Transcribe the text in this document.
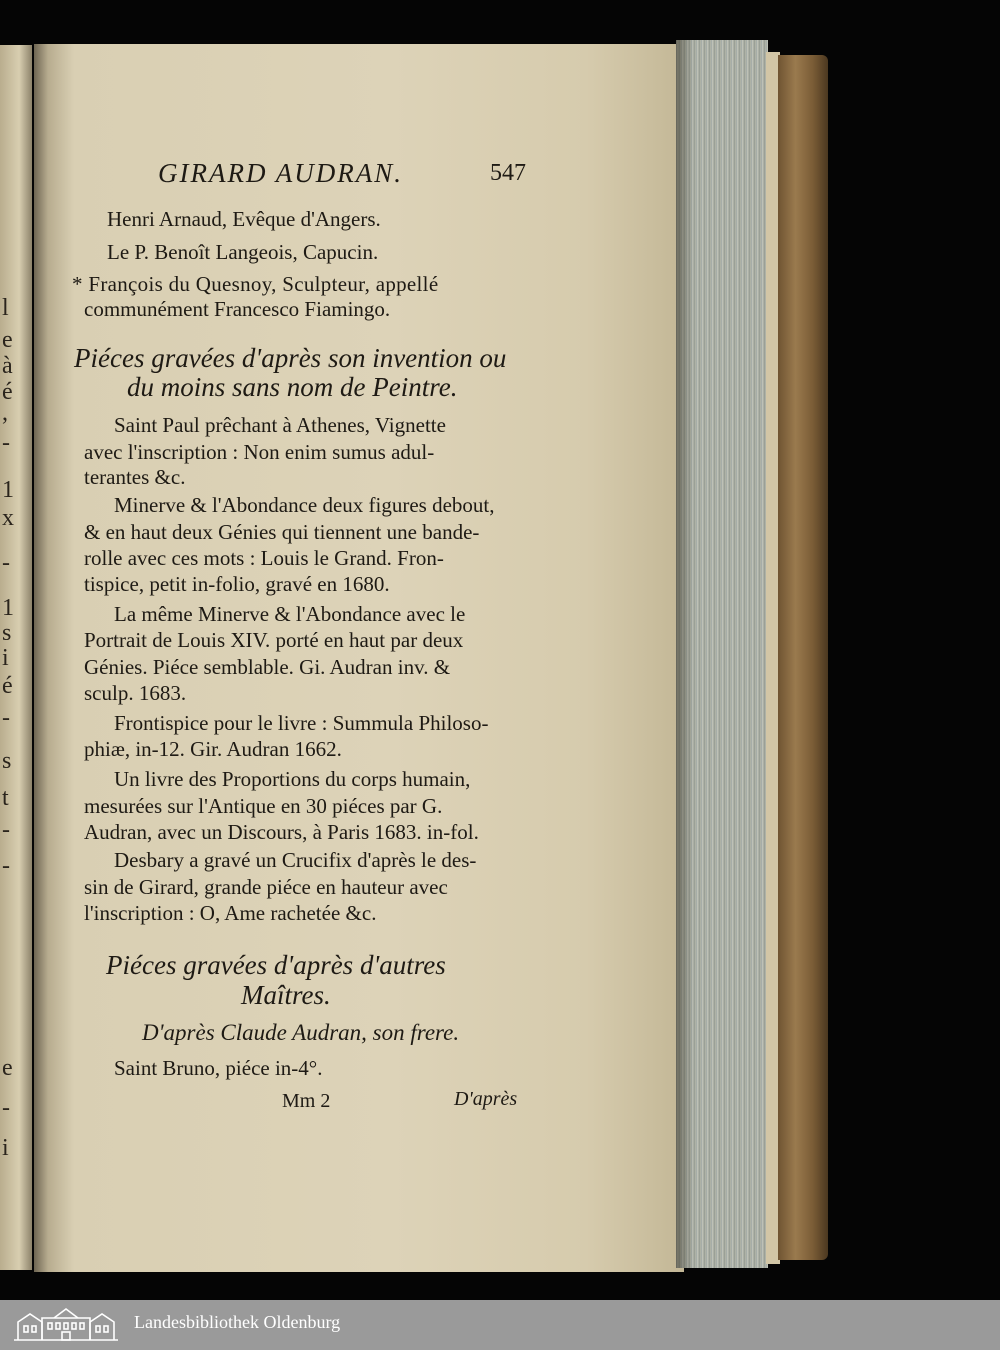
l
e
à
é
,
-
1
x
-
1
s
i
é
-
s
t
-
-
e
-
i
GIRARD AUDRAN.	547
Henri Arnaud, Evêque d'Angers.
Le P. Benoît Langeois, Capucin.
* François du Quesnoy, Sculpteur, appellé
communément Francesco Fiamingo.
Piéces gravées d'après son invention ou
du moins sans nom de Peintre.
Saint Paul prêchant à Athenes, Vignette
avec l'inscription : Non enim sumus adul-
terantes &c.
Minerve & l'Abondance deux figures debout,
& en haut deux Génies qui tiennent une bande-
rolle avec ces mots : Louis le Grand. Fron-
tispice, petit in-folio, gravé en 1680.
La même Minerve & l'Abondance avec le
Portrait de Louis XIV. porté en haut par deux
Génies. Piéce semblable. Gi. Audran inv. &
sculp. 1683.
Frontispice pour le livre : Summula Philoso-
phiæ, in-12. Gir. Audran 1662.
Un livre des Proportions du corps humain,
mesurées sur l'Antique en 30 piéces par G.
Audran, avec un Discours, à Paris 1683. in-fol.
Desbary a gravé un Crucifix d'après le des-
sin de Girard, grande piéce en hauteur avec
l'inscription : O, Ame rachetée &c.
Piéces gravées d'après d'autres
Maîtres.
D'après Claude Audran, son frere.
Saint Bruno, piéce in-4°.
Mm 2	D'après
Landesbibliothek Oldenburg
